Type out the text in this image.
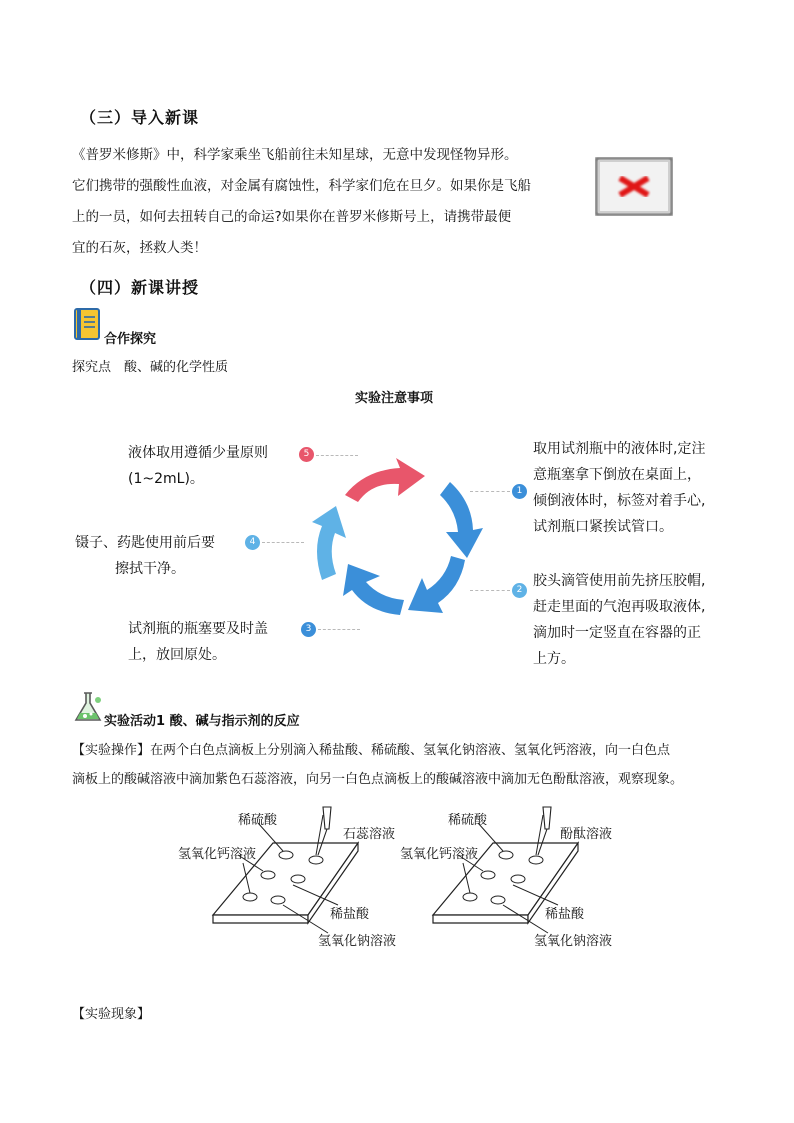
（三）导入新课
《普罗米修斯》中，科学家乘坐飞船前往未知星球，无意中发现怪物异形。
它们携带的强酸性血液，对金属有腐蚀性，科学家们危在旦夕。如果你是飞船
上的一员，如何去扭转自己的命运?如果你在普罗米修斯号上，请携带最便
宜的石灰，拯救人类！
（四）新课讲授
合作探究
探究点　酸、碱的化学性质
实验注意事项
1
取用试剂瓶中的液体时,定注
意瓶塞拿下倒放在桌面上，
倾倒液体时，标签对着手心,
试剂瓶口紧挨试管口。
2
胶头滴管使用前先挤压胶帽,
赶走里面的气泡再吸取液体,
滴加时一定竖直在容器的正
上方。
3
试剂瓶的瓶塞要及时盖
上，放回原处。
4
镊子、药匙使用前后要
擦拭干净。
5
液体取用遵循少量原则
(1~2mL)。
实验活动1 酸、碱与指示剂的反应
【实验操作】在两个白色点滴板上分别滴入稀盐酸、稀硫酸、氢氧化钠溶液、氢氧化钙溶液，向一白色点
滴板上的酸碱溶液中滴加紫色石蕊溶液，向另一白色点滴板上的酸碱溶液中滴加无色酚酞溶液，观察现象。
稀硫酸
石蕊溶液
氢氧化钙溶液
稀盐酸
氢氧化钠溶液
稀硫酸
酚酞溶液
氢氧化钙溶液
稀盐酸
氢氧化钠溶液
【实验现象】
